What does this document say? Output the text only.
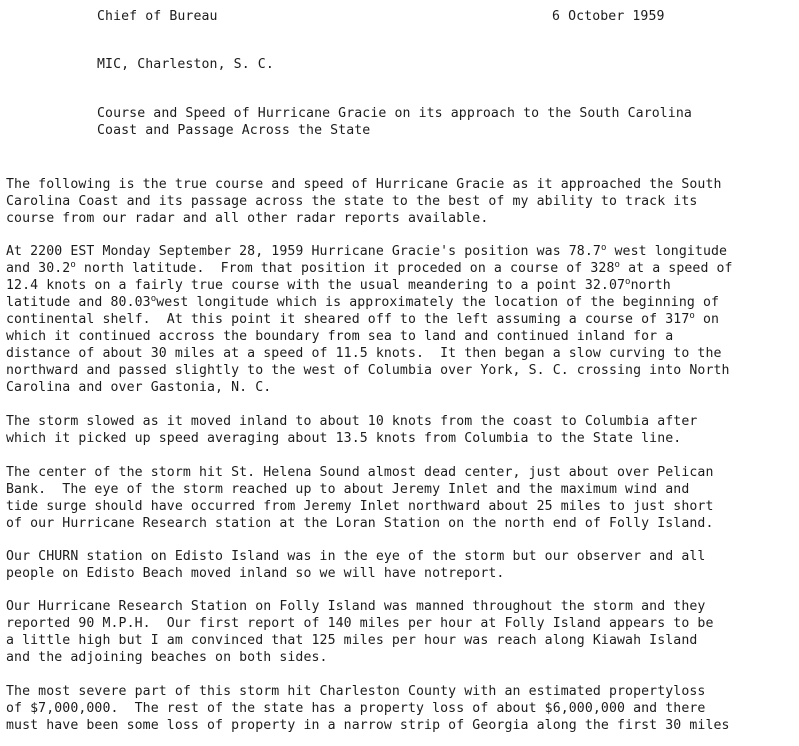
Chief of Bureau	6 October 1959
MIC, Charleston, S. C.
Course and Speed of Hurricane Gracie on its approach to the South Carolina
Coast and Passage Across the State
The following is the true course and speed of Hurricane Gracie as it approached the South
Carolina Coast and its passage across the state to the best of my ability to track its
course from our radar and all other radar reports available.
At 2200 EST Monday September 28, 1959 Hurricane Gracie's position was 78.7$^o$ west longitude
and 30.2$^o$ north latitude.  From that position it proceded on a course of 328$^o$ at a speed of
12.4 knots on a fairly true course with the usual meandering to a point 32.07$^o$north
latitude and 80.03$^o$west longitude which is approximately the location of the beginning of
continental shelf.  At this point it sheared off to the left assuming a course of 317$^o$ on
which it continued accross the boundary from sea to land and continued inland for a
distance of about 30 miles at a speed of 11.5 knots.  It then began a slow curving to the
northward and passed slightly to the west of Columbia over York, S. C. crossing into North
Carolina and over Gastonia, N. C.
The storm slowed as it moved inland to about 10 knots from the coast to Columbia after
which it picked up speed averaging about 13.5 knots from Columbia to the State line.
The center of the storm hit St. Helena Sound almost dead center, just about over Pelican
Bank.  The eye of the storm reached up to about Jeremy Inlet and the maximum wind and
tide surge should have occurred from Jeremy Inlet northward about 25 miles to just short
of our Hurricane Research station at the Loran Station on the north end of Folly Island.
Our CHURN station on Edisto Island was in the eye of the storm but our observer and all
people on Edisto Beach moved inland so we will have notreport.
Our Hurricane Research Station on Folly Island was manned throughout the storm and they
reported 90 M.P.H.  Our first report of 140 miles per hour at Folly Island appears to be
a little high but I am convinced that 125 miles per hour was reach along Kiawah Island
and the adjoining beaches on both sides.
The most severe part of this storm hit Charleston County with an estimated propertyloss
of $7,000,000.  The rest of the state has a property loss of about $6,000,000 and there
must have been some loss of property in a narrow strip of Georgia along the first 30 miles
